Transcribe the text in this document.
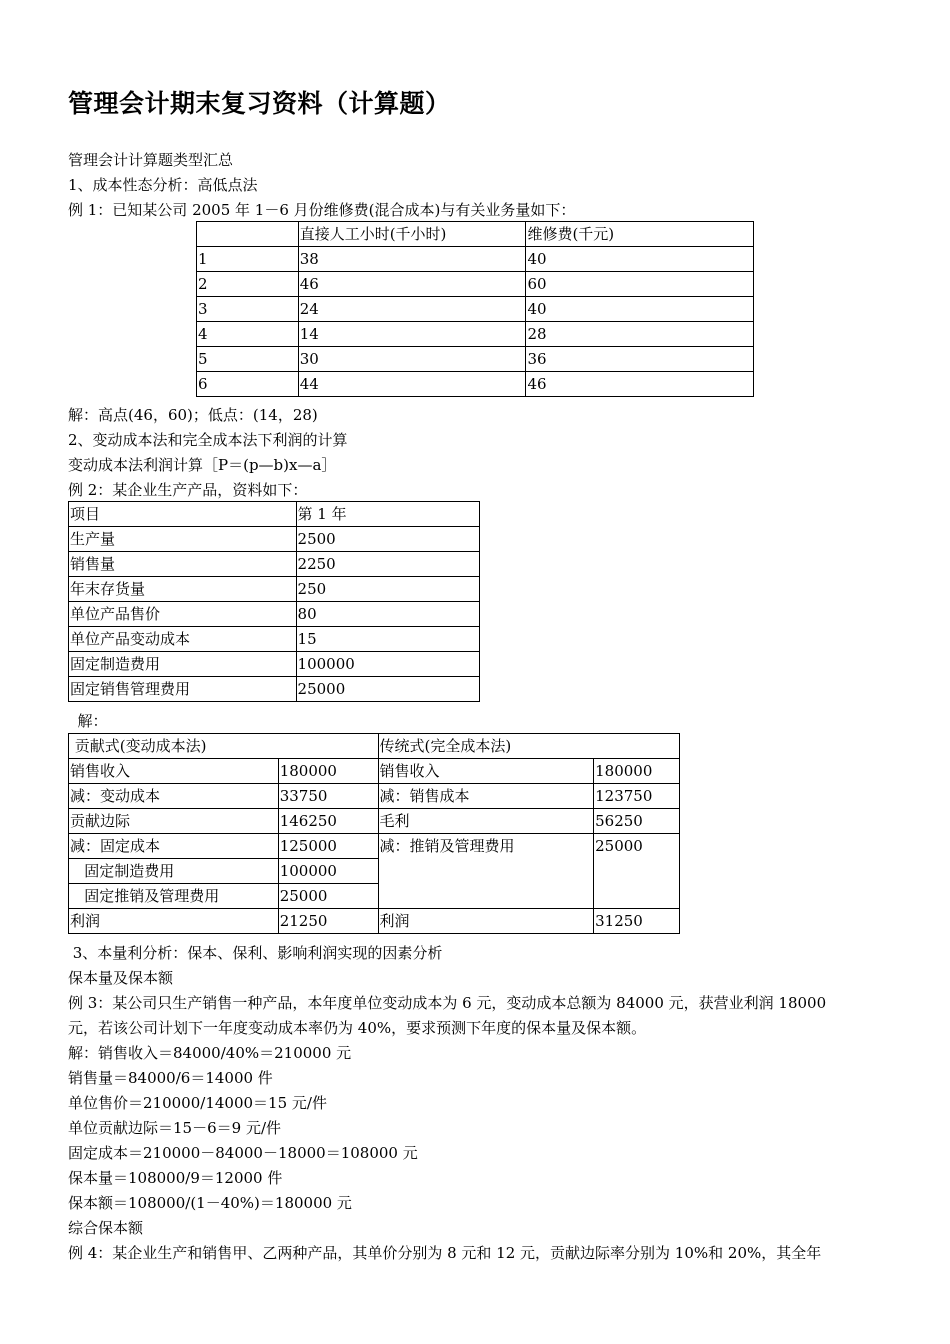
管理会计期末复习资料（计算题）
管理会计计算题类型汇总
1、成本性态分析：高低点法
例 1：已知某公司 2005 年 1－6 月份维修费(混合成本)与有关业务量如下：
	直接人工小时(千小时)	维修费(千元)
1	38	40
2	46	60
3	24	40
4	14	28
5	30	36
6	44	46
解：高点(46，60)；低点：(14，28)
2、变动成本法和完全成本法下利润的计算
变动成本法利润计算［P＝(p—b)x—a］
例 2：某企业生产产品，资料如下：
项目	第 1 年
生产量	2500
销售量	2250
年末存货量	250
单位产品售价	80
单位产品变动成本	15
固定制造费用	100000
固定销售管理费用	25000
解：
贡献式(变动成本法)		传统式(完全成本法)	
销售收入	180000	销售收入	180000
减：变动成本	33750	减：销售成本	123750
贡献边际	146250	毛利	56250
减：固定成本	125000	减：推销及管理费用	25000
固定制造费用	100000		
固定推销及管理费用	25000		
利润	21250	利润	31250
3、本量利分析：保本、保利、影响利润实现的因素分析
保本量及保本额
例 3：某公司只生产销售一种产品，本年度单位变动成本为 6 元，变动成本总额为 84000 元，获营业利润 18000
元，若该公司计划下一年度变动成本率仍为 40%，要求预测下年度的保本量及保本额。
解：销售收入＝84000/40%＝210000 元
销售量＝84000/6＝14000 件
单位售价＝210000/14000＝15 元/件
单位贡献边际＝15－6＝9 元/件
固定成本＝210000－84000－18000＝108000 元
保本量＝108000/9＝12000 件
保本额＝108000/(1－40%)＝180000 元
综合保本额
例 4：某企业生产和销售甲、乙两种产品，其单价分别为 8 元和 12 元，贡献边际率分别为 10%和 20%，其全年
